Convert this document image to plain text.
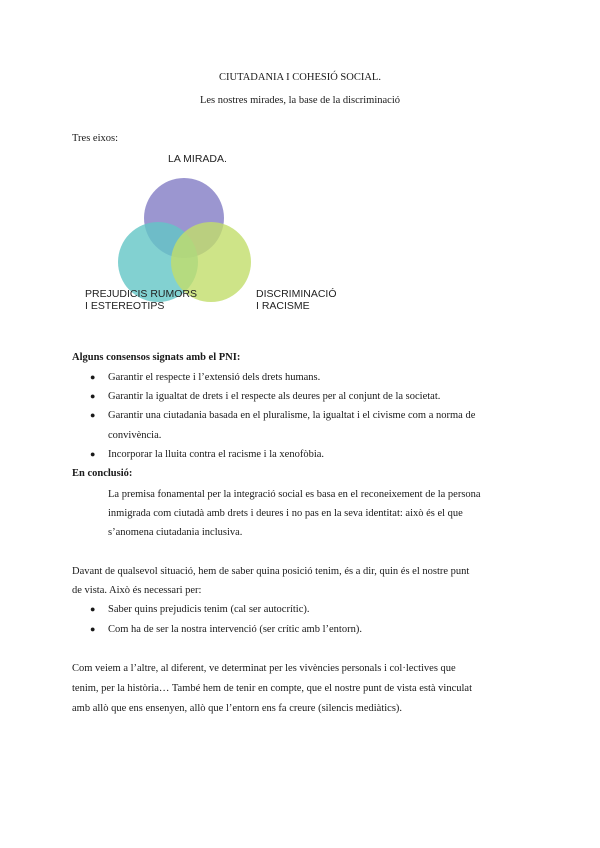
CIUTADANIA I COHESIÓ SOCIAL.
Les nostres mirades, la base de la discriminació
Tres eixos:
LA MIRADA.
PREJUDICIS RUMORS
I ESTEREOTIPS
DISCRIMINACIÓ
I RACISME
Alguns consensos signats amb el PNI:
● Garantir el respecte i l’extensió dels drets humans.
● Garantir la igualtat de drets i el respecte als deures per al conjunt de la societat.
● Garantir una ciutadania basada en el pluralisme, la igualtat i el civisme com a norma de
convivència.
● Incorporar la lluita contra el racisme i la xenofòbia.
En conclusió:
La premisa fonamental per la integració social es basa en el reconeixement de la persona
inmigrada com ciutadà amb drets i deures i no pas en la seva identitat: això és el que
s’anomena ciutadania inclusiva.
Davant de qualsevol situació, hem de saber quina posició tenim, és a dir, quin és el nostre punt
de vista. Això és necessari per:
● Saber quins prejudicis tenim (cal ser autocrític).
● Com ha de ser la nostra intervenció (ser crític amb l’entorn).
Com veiem a l’altre, al diferent, ve determinat per les vivències personals i col·lectives que
tenim, per la història… També hem de tenir en compte, que el nostre punt de vista està vinculat
amb allò que ens ensenyen, allò que l’entorn ens fa creure (silencis mediàtics).
